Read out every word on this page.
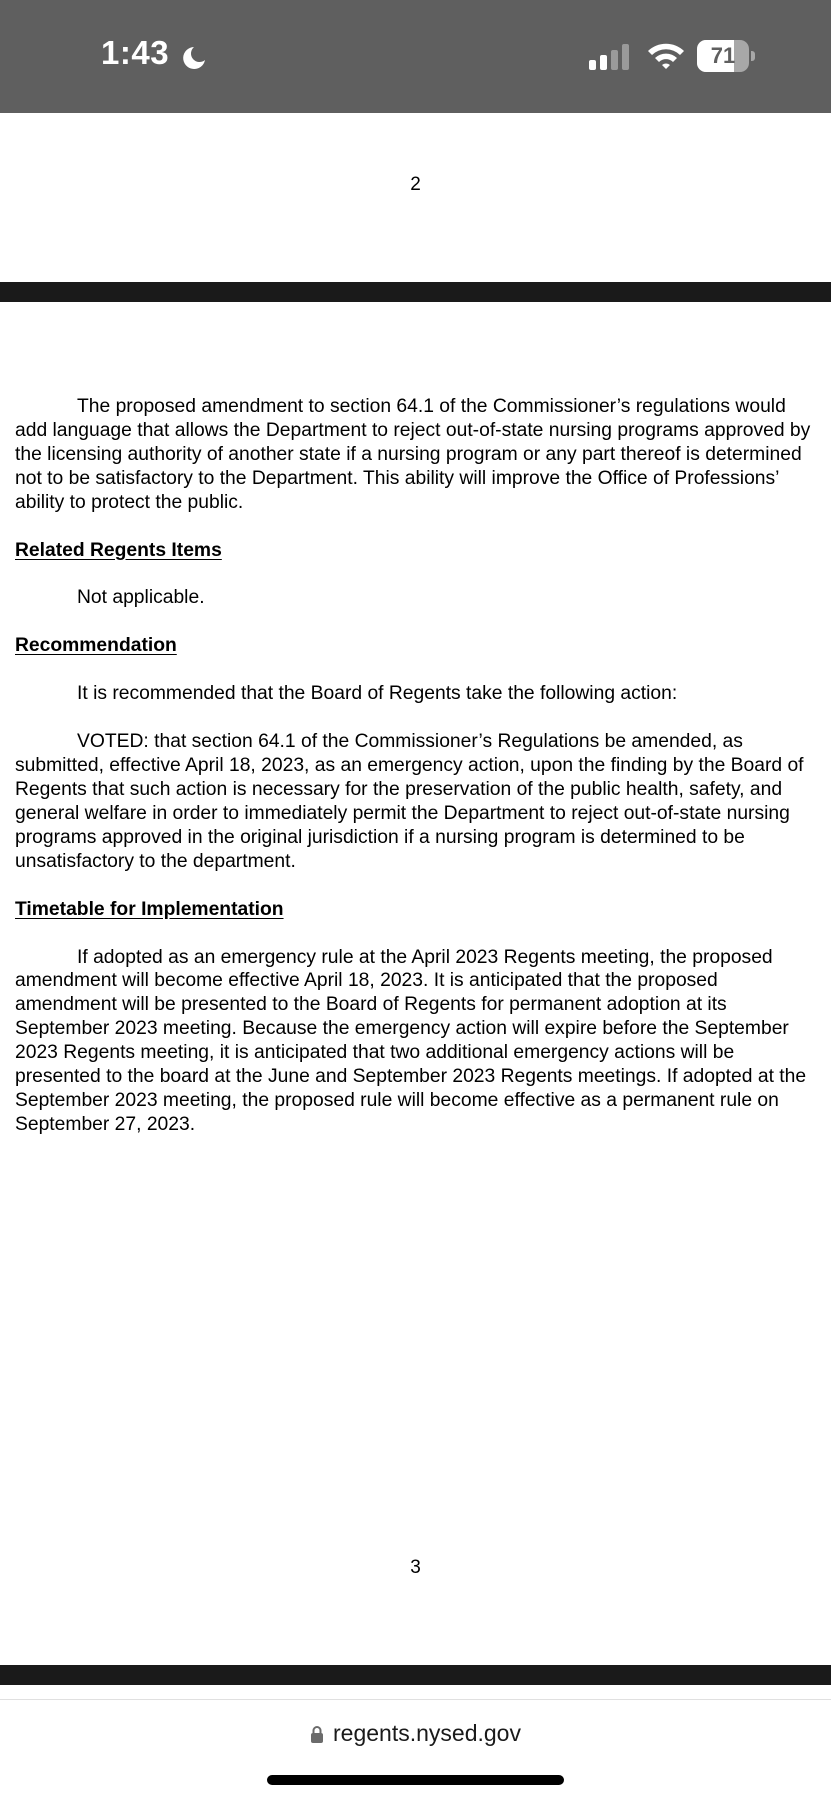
1:43	71
2

The proposed amendment to section 64.1 of the Commissioner’s regulations would add language that allows the Department to reject out-of-state nursing programs approved by the licensing authority of another state if a nursing program or any part thereof is determined not to be satisfactory to the Department. This ability will improve the Office of Professions’ ability to protect the public.

Related Regents Items

Not applicable.

Recommendation

It is recommended that the Board of Regents take the following action:

VOTED: that section 64.1 of the Commissioner’s Regulations be amended, as submitted, effective April 18, 2023, as an emergency action, upon the finding by the Board of Regents that such action is necessary for the preservation of the public health, safety, and general welfare in order to immediately permit the Department to reject out-of-state nursing programs approved in the original jurisdiction if a nursing program is determined to be unsatisfactory to the department.

Timetable for Implementation

If adopted as an emergency rule at the April 2023 Regents meeting, the proposed amendment will become effective April 18, 2023. It is anticipated that the proposed amendment will be presented to the Board of Regents for permanent adoption at its September 2023 meeting. Because the emergency action will expire before the September 2023 Regents meeting, it is anticipated that two additional emergency actions will be presented to the board at the June and September 2023 Regents meetings. If adopted at the September 2023 meeting, the proposed rule will become effective as a permanent rule on September 27, 2023.

3
regents.nysed.gov
